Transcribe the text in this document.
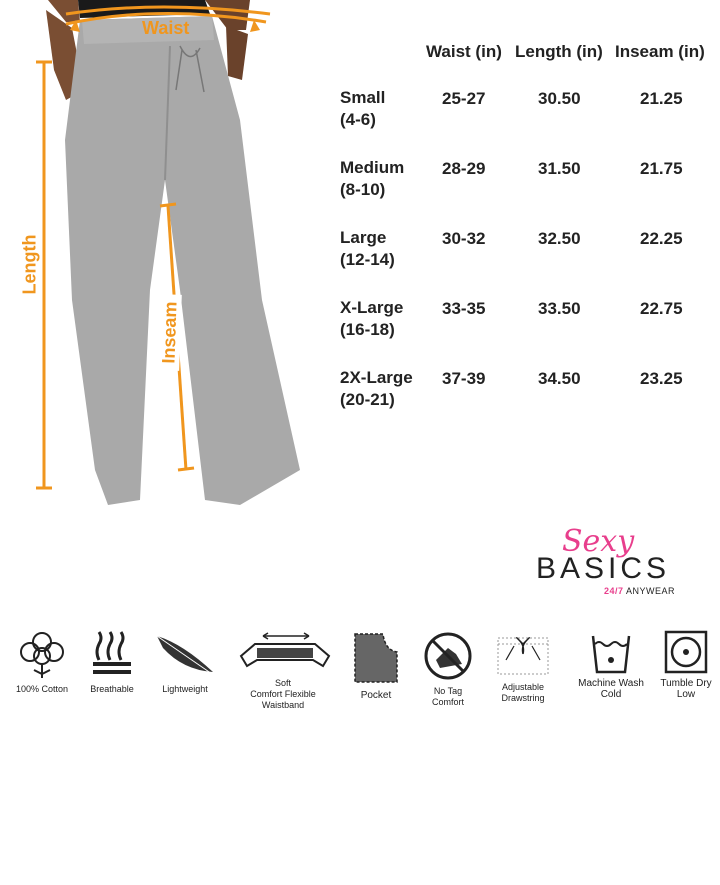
Waist
Length
Inseam
Waist (in) Length (in) Inseam (in)
Small
(4-6)
25-27	30.50	21.25
Medium
(8-10)
28-29	31.50	21.75
Large
(12-14)
30-32	32.50	22.25
X-Large
(16-18)
33-35	33.50	22.75
2X-Large
(20-21)
37-39	34.50	23.25
Sexy
BASICS
24/7 ANYWEAR
100% Cotton	Breathable	Lightweight
Soft
Comfort Flexible
Waistband
Pocket	No Tag
Comfort
Adjustable
Drawstring
Machine Wash
Cold
Tumble Dry
Low
